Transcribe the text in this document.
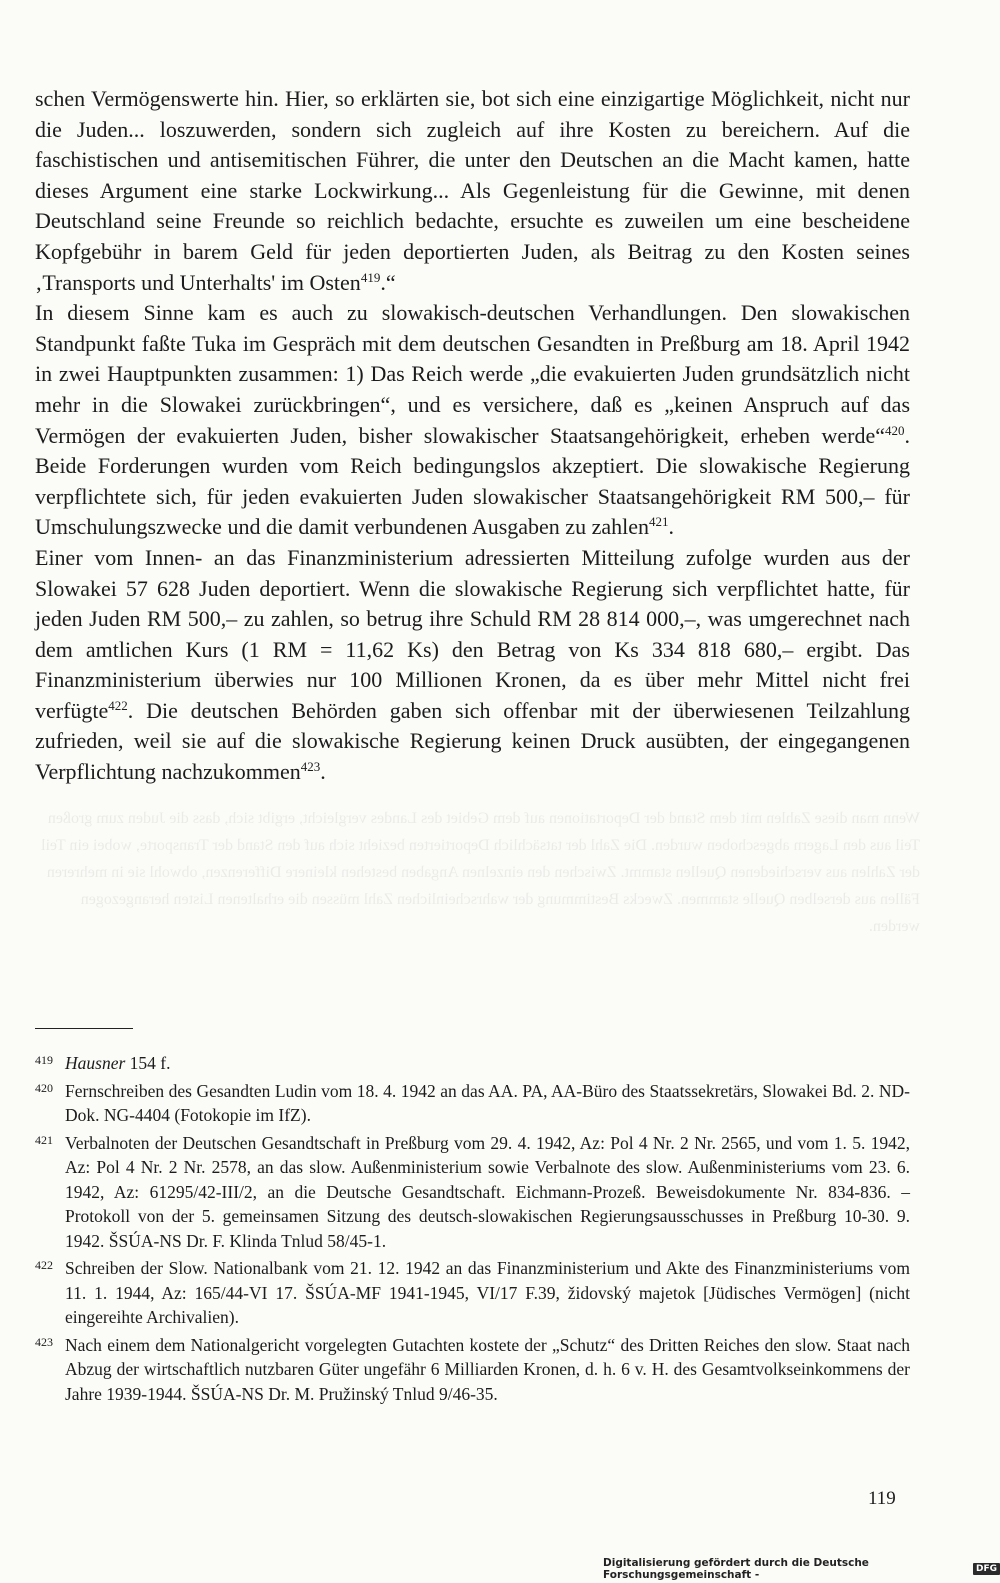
schen Vermögenswerte hin. Hier, so erklärten sie, bot sich eine einzigartige Möglichkeit, nicht nur die Juden... loszuwerden, sondern sich zugleich auf ihre Kosten zu bereichern. Auf die faschistischen und antisemitischen Führer, die unter den Deutschen an die Macht kamen, hatte dieses Argument eine starke Lockwirkung... Als Gegenleistung für die Gewinne, mit denen Deutschland seine Freunde so reichlich bedachte, ersuchte es zuweilen um eine bescheidene Kopfgebühr in barem Geld für jeden deportierten Juden, als Beitrag zu den Kosten seines ‚Transports und Unterhalts' im Osten$^{419}$.“

In diesem Sinne kam es auch zu slowakisch-deutschen Verhandlungen. Den slowakischen Standpunkt faßte Tuka im Gespräch mit dem deutschen Gesandten in Preßburg am 18. April 1942 in zwei Hauptpunkten zusammen: 1) Das Reich werde „die evakuierten Juden grundsätzlich nicht mehr in die Slowakei zurückbringen“, und es versichere, daß es „keinen Anspruch auf das Vermögen der evakuierten Juden, bisher slowakischer Staatsangehörigkeit, erheben werde“$^{420}$. Beide Forderungen wurden vom Reich bedingungslos akzeptiert. Die slowakische Regierung verpflichtete sich, für jeden evakuierten Juden slowakischer Staatsangehörigkeit RM 500,– für Umschulungszwecke und die damit verbundenen Ausgaben zu zahlen$^{421}$.

Einer vom Innen- an das Finanzministerium adressierten Mitteilung zufolge wurden aus der Slowakei 57 628 Juden deportiert. Wenn die slowakische Regierung sich verpflichtet hatte, für jeden Juden RM 500,– zu zahlen, so betrug ihre Schuld RM 28 814 000,–, was umgerechnet nach dem amtlichen Kurs (1 RM = 11,62 Ks) den Betrag von Ks 334 818 680,– ergibt. Das Finanzministerium überwies nur 100 Millionen Kronen, da es über mehr Mittel nicht frei verfügte$^{422}$. Die deutschen Behörden gaben sich offenbar mit der überwiesenen Teilzahlung zufrieden, weil sie auf die slowakische Regierung keinen Druck ausübten, der eingegangenen Verpflichtung nachzukommen$^{423}$.

Wenn man diese Zahlen mit dem Stand der Deportationen auf dem Gebiet des Landes vergleicht, ergibt sich, dass die Juden zum großen Teil aus den Lagern abgeschoben wurden. Die Zahl der tatsächlich Deportierten bezieht sich auf den Stand der Transporte, wobei ein Teil der Zahlen aus verschiedenen Quellen stammt. Zwischen den einzelnen Angaben bestehen kleinere Differenzen, obwohl sie in mehreren Fällen aus derselben Quelle stammen. Zwecks Bestimmung der wahrscheinlichen Zahl müssen die erhaltenen Listen herangezogen werden.
419 Hausner 154 f.
420 Fernschreiben des Gesandten Ludin vom 18. 4. 1942 an das AA. PA, AA-Büro des Staatssekretärs, Slowakei Bd. 2. ND-Dok. NG-4404 (Fotokopie im IfZ).
421 Verbalnoten der Deutschen Gesandtschaft in Preßburg vom 29. 4. 1942, Az: Pol 4 Nr. 2 Nr. 2565, und vom 1. 5. 1942, Az: Pol 4 Nr. 2 Nr. 2578, an das slow. Außenministerium sowie Verbalnote des slow. Außenministeriums vom 23. 6. 1942, Az: 61295/42-III/2, an die Deutsche Gesandtschaft. Eichmann-Prozeß. Beweisdokumente Nr. 834-836. – Protokoll von der 5. gemeinsamen Sitzung des deutsch-slowakischen Regierungsausschusses in Preßburg 10-30. 9. 1942. ŠSÚA-NS Dr. F. Klinda Tnlud 58/45-1.
422 Schreiben der Slow. Nationalbank vom 21. 12. 1942 an das Finanzministerium und Akte des Finanzministeriums vom 11. 1. 1944, Az: 165/44-VI 17. ŠSÚA-MF 1941-1945, VI/17 F.39, židovský majetok [Jüdisches Vermögen] (nicht eingereihte Archivalien).
423 Nach einem dem Nationalgericht vorgelegten Gutachten kostete der „Schutz“ des Dritten Reiches den slow. Staat nach Abzug der wirtschaftlich nutzbaren Güter ungefähr 6 Milliarden Kronen, d. h. 6 v. H. des Gesamtvolkseinkommens der Jahre 1939-1944. ŠSÚA-NS Dr. M. Pružinský Tnlud 9/46-35.
119
Digitalisierung gefördert durch die Deutsche Forschungsgemeinschaft -	DFG
